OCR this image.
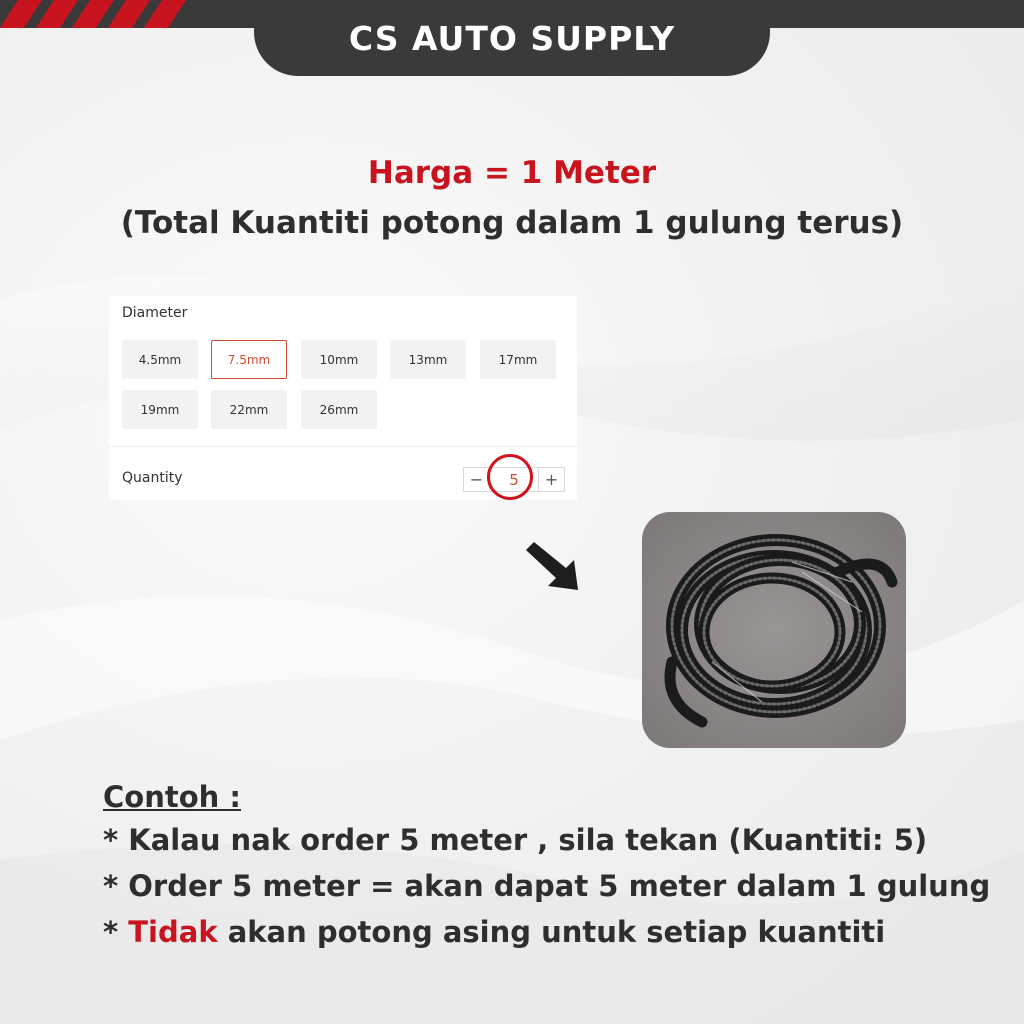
CS AUTO SUPPLY
Harga = 1 Meter
(Total Kuantiti potong dalam 1 gulung terus)
Diameter
4.5mm	7.5mm	10mm	13mm	17mm
19mm	22mm	26mm
Quantity	−	5	+
Contoh :
* Kalau nak order 5 meter , sila tekan (Kuantiti: 5)
* Order 5 meter = akan dapat 5 meter dalam 1 gulung
* Tidak akan potong asing untuk setiap kuantiti
